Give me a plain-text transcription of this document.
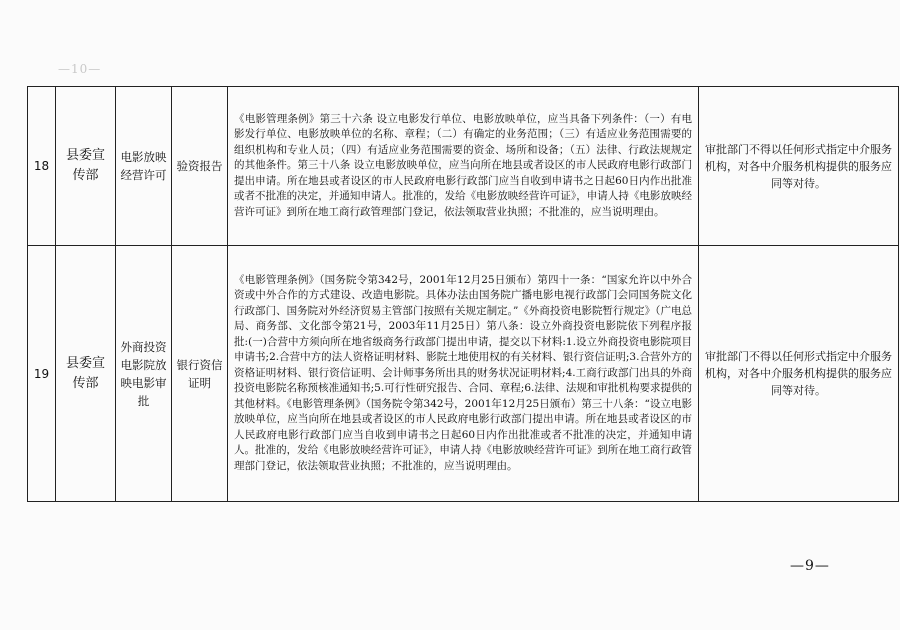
—10—
18	县委宣传部	电影放映经营许可	验资报告	《电影管理条例》第三十六条 设立电影发行单位、电影放映单位，应当具备下列条件：（一）有电影发行单位、电影放映单位的名称、章程；（二）有确定的业务范围；（三）有适应业务范围需要的组织机构和专业人员；（四）有适应业务范围需要的资金、场所和设备；（五）法律、行政法规规定的其他条件。第三十八条 设立电影放映单位，应当向所在地县或者设区的市人民政府电影行政部门提出申请。所在地县或者设区的市人民政府电影行政部门应当自收到申请书之日起60日内作出批准或者不批准的决定，并通知申请人。批准的，发给《电影放映经营许可证》，申请人持《电影放映经营许可证》到所在地工商行政管理部门登记，依法领取营业执照；不批准的，应当说明理由。	审批部门不得以任何形式指定中介服务机构，对各中介服务机构提供的服务应同等对待。
19	县委宣传部	外商投资电影院放映电影审批	银行资信证明	《电影管理条例》（国务院令第342号，2001年12月25日颁布）第四十一条：“国家允许以中外合资或中外合作的方式建设、改造电影院。具体办法由国务院广播电影电视行政部门会同国务院文化行政部门、国务院对外经济贸易主管部门按照有关规定制定。”《外商投资电影院暂行规定》（广电总局、商务部、文化部令第21号，2003年11月25日）第八条：设立外商投资电影院依下列程序报批:(一)合营中方须向所在地省级商务行政部门提出申请，提交以下材料:1.设立外商投资电影院项目申请书;2.合营中方的法人资格证明材料、影院土地使用权的有关材料、银行资信证明;3.合营外方的资格证明材料、银行资信证明、会计师事务所出具的财务状况证明材料;4.工商行政部门出具的外商投资电影院名称预核准通知书;5.可行性研究报告、合同、章程;6.法律、法规和审批机构要求提供的其他材料。《电影管理条例》（国务院令第342号，2001年12月25日颁布）第三十八条：“设立电影放映单位，应当向所在地县或者设区的市人民政府电影行政部门提出申请。所在地县或者设区的市人民政府电影行政部门应当自收到申请书之日起60日内作出批准或者不批准的决定，并通知申请人。批准的，发给《电影放映经营许可证》，申请人持《电影放映经营许可证》到所在地工商行政管理部门登记，依法领取营业执照；不批准的，应当说明理由。	审批部门不得以任何形式指定中介服务机构，对各中介服务机构提供的服务应同等对待。
—9—
